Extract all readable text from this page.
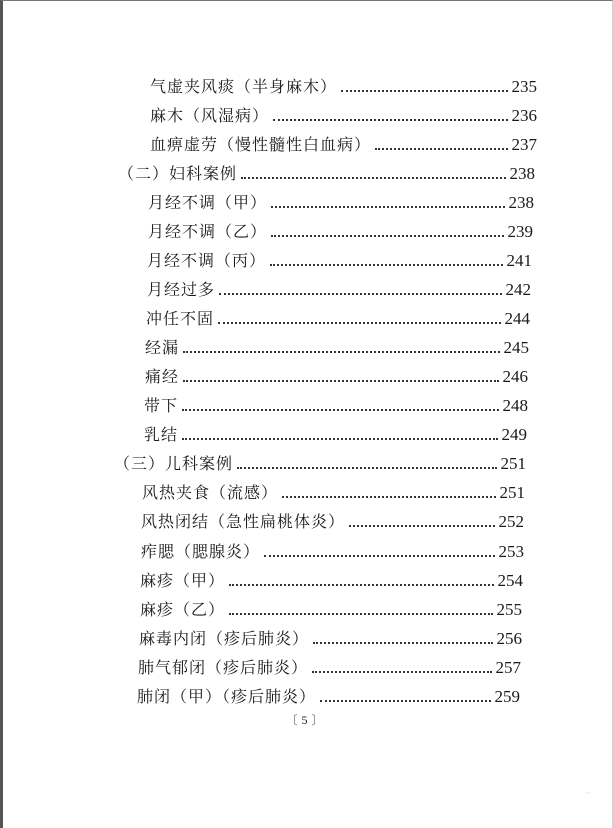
气虚夹风痰（半身麻木）	235
麻木（风湿病）	236
血痹虚劳（慢性髓性白血病）	237
（二）妇科案例	238
月经不调（甲）	238
月经不调（乙）	239
月经不调（丙）	241
月经过多	242
冲任不固	244
经漏	245
痛经	246
带下	248
乳结	249
（三）儿科案例	251
风热夹食（流感）	251
风热闭结（急性扁桃体炎）	252
痄腮（腮腺炎）	253
麻疹（甲）	254
麻疹（乙）	255
麻毒内闭（疹后肺炎）	256
肺气郁闭（疹后肺炎）	257
肺闭（甲）（疹后肺炎）	259
〔5〕
··
